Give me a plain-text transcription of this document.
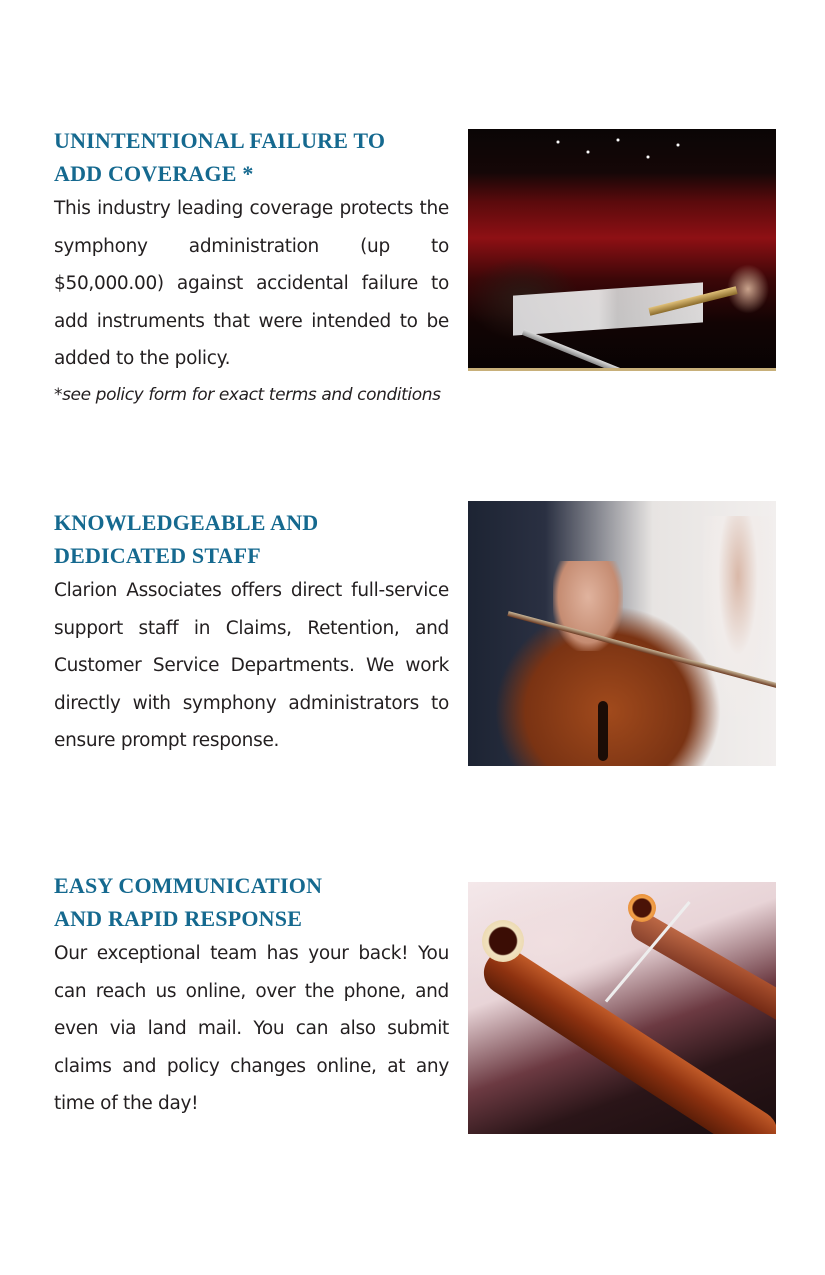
UNINTENTIONAL FAILURE TO
ADD COVERAGE *

This industry leading coverage protects the symphony administration (up to $50,000.00) against accidental failure to add instruments that were intended to be added to the policy.

*see policy form for exact terms and conditions

KNOWLEDGEABLE AND
DEDICATED STAFF

Clarion Associates offers direct full-service support staff in Claims, Retention, and Customer Service Departments. We work directly with symphony administrators to ensure prompt response.

EASY COMMUNICATION
AND RAPID RESPONSE

Our exceptional team has your back! You can reach us online, over the phone, and even via land mail. You can also submit claims and policy changes online, at any time of the day!
